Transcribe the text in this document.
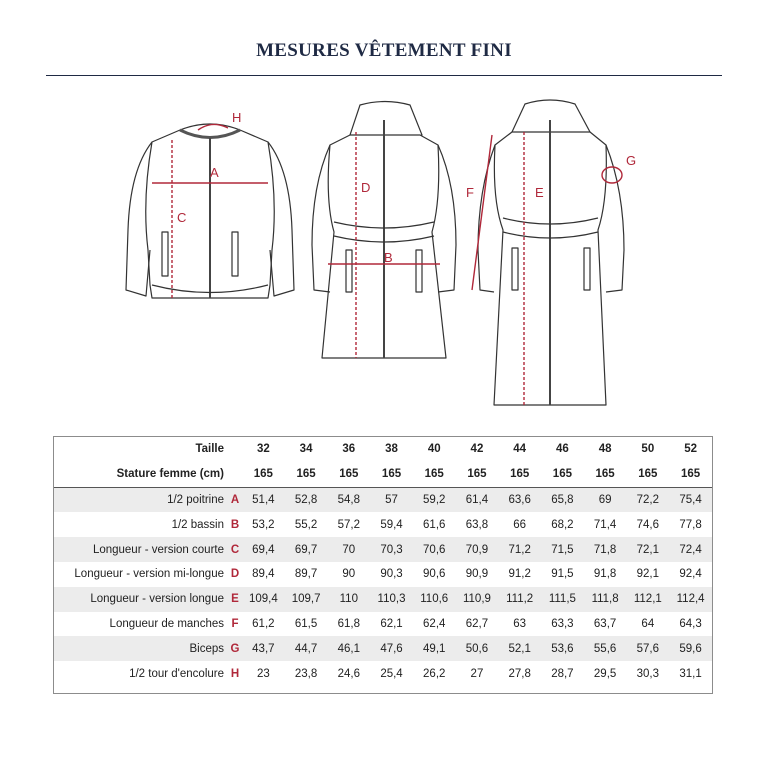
MESURES VÊTEMENT FINI
H
A
C
D
B
F	E
G
Taille		32	34	36	38	40	42	44	46	48	50	52
Stature femme (cm)		165	165	165	165	165	165	165	165	165	165	165
1/2 poitrine	A	51,4	52,8	54,8	57	59,2	61,4	63,6	65,8	69	72,2	75,4
1/2 bassin	B	53,2	55,2	57,2	59,4	61,6	63,8	66	68,2	71,4	74,6	77,8
Longueur - version courte	C	69,4	69,7	70	70,3	70,6	70,9	71,2	71,5	71,8	72,1	72,4
Longueur - version mi-longue	D	89,4	89,7	90	90,3	90,6	90,9	91,2	91,5	91,8	92,1	92,4
Longueur - version longue	E	109,4	109,7	110	110,3	110,6	110,9	111,2	111,5	111,8	112,1	112,4
Longueur de manches	F	61,2	61,5	61,8	62,1	62,4	62,7	63	63,3	63,7	64	64,3
Biceps	G	43,7	44,7	46,1	47,6	49,1	50,6	52,1	53,6	55,6	57,6	59,6
1/2 tour d'encolure	H	23	23,8	24,6	25,4	26,2	27	27,8	28,7	29,5	30,3	31,1
